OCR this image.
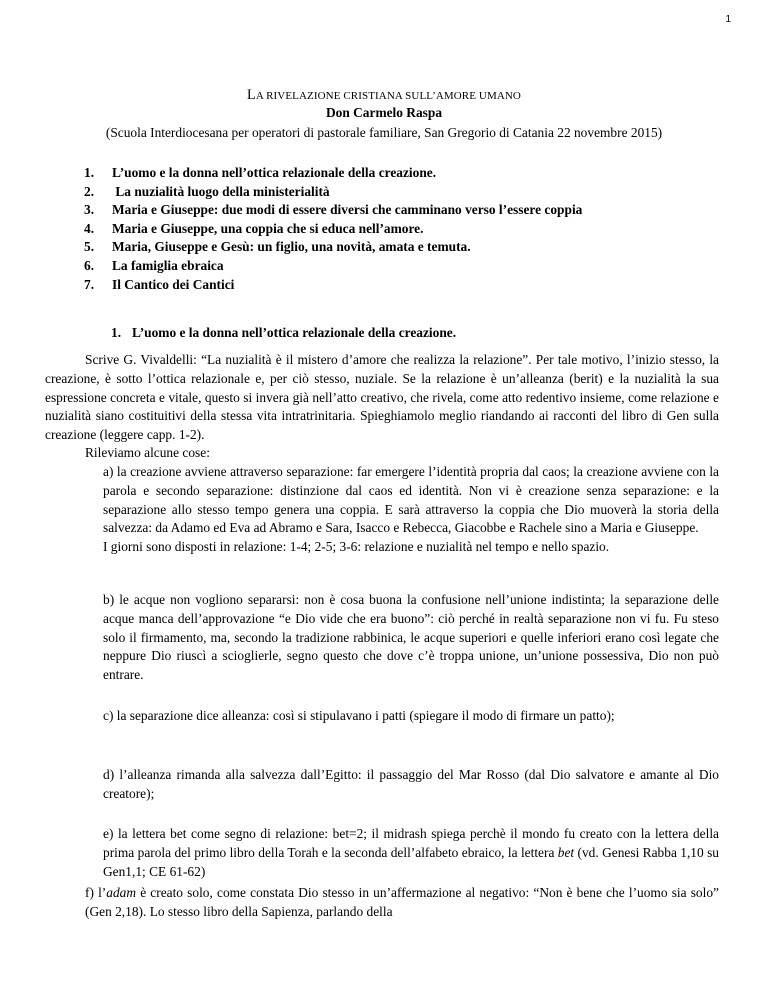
1
LA RIVELAZIONE CRISTIANA SULL’AMORE UMANO
Don Carmelo Raspa
(Scuola Interdiocesana per operatori di pastorale familiare, San Gregorio di Catania 22 novembre 2015)
1.	L’uomo e la donna nell’ottica relazionale della creazione.
2.	La nuzialità luogo della ministerialità
3.	Maria e Giuseppe: due modi di essere diversi che camminano verso l’essere coppia
4.	Maria e Giuseppe, una coppia che si educa nell’amore.
5.	Maria, Giuseppe e Gesù: un figlio, una novità, amata e temuta.
6.	La famiglia ebraica
7.	Il Cantico dei Cantici
1. L’uomo e la donna nell’ottica relazionale della creazione.
Scrive G. Vivaldelli: “La nuzialità è il mistero d’amore che realizza la relazione”. Per tale motivo, l’inizio stesso, la creazione, è sotto l’ottica relazionale e, per ciò stesso, nuziale. Se la relazione è un’alleanza (berit) e la nuzialità la sua espressione concreta e vitale, questo si invera già nell’atto creativo, che rivela, come atto redentivo insieme, come relazione e nuzialità siano costituitivi della stessa vita intratrinitaria. Spieghiamolo meglio riandando ai racconti del libro di Gen sulla creazione (leggere capp. 1-2).
Rileviamo alcune cose:
a) la creazione avviene attraverso separazione: far emergere l’identità propria dal caos; la creazione avviene con la parola e secondo separazione: distinzione dal caos ed identità. Non vi è creazione senza separazione: e la separazione allo stesso tempo genera una coppia. E sarà attraverso la coppia che Dio muoverà la storia della salvezza: da Adamo ed Eva ad Abramo e Sara, Isacco e Rebecca, Giacobbe e Rachele sino a Maria e Giuseppe.
I giorni sono disposti in relazione: 1-4; 2-5; 3-6: relazione e nuzialità nel tempo e nello spazio.
b) le acque non vogliono separarsi: non è cosa buona la confusione nell’unione indistinta; la separazione delle acque manca dell’approvazione “e Dio vide che era buono”: ciò perché in realtà separazione non vi fu. Fu steso solo il firmamento, ma, secondo la tradizione rabbinica, le acque superiori e quelle inferiori erano così legate che neppure Dio riuscì a scioglierle, segno questo che dove c’è troppa unione, un’unione possessiva, Dio non può entrare.
c) la separazione dice alleanza: così si stipulavano i patti (spiegare il modo di firmare un patto);
d) l’alleanza rimanda alla salvezza dall’Egitto: il passaggio del Mar Rosso (dal Dio salvatore e amante al Dio creatore);
e) la lettera bet come segno di relazione: bet=2; il midrash spiega perchè il mondo fu creato con la lettera della prima parola del primo libro della Torah e la seconda dell’alfabeto ebraico, la lettera bet (vd. Genesi Rabba 1,10 su Gen1,1; CE 61-62)
f) l’adam è creato solo, come constata Dio stesso in un’affermazione al negativo: “Non è bene che l’uomo sia solo” (Gen 2,18). Lo stesso libro della Sapienza, parlando della
